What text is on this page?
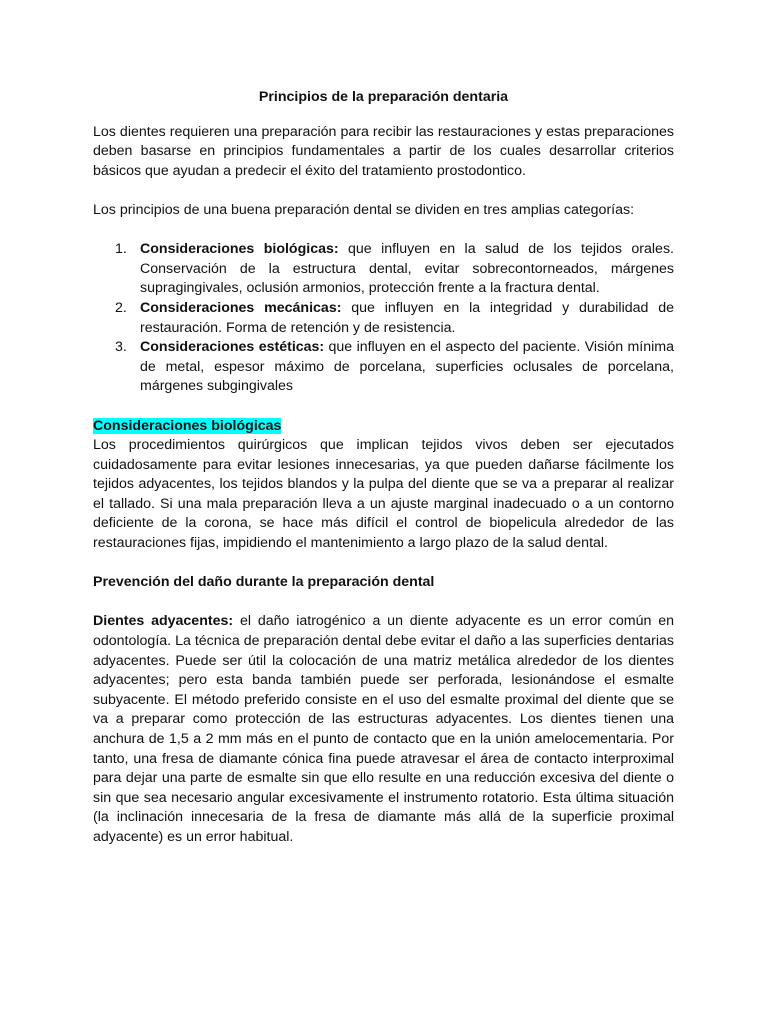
Principios de la preparación dentaria

Los dientes requieren una preparación para recibir las restauraciones y estas preparaciones deben basarse en principios fundamentales a partir de los cuales desarrollar criterios básicos que ayudan a predecir el éxito del tratamiento prostodontico.

Los principios de una buena preparación dental se dividen en tres amplias categorías:

1. Consideraciones biológicas: que influyen en la salud de los tejidos orales. Conservación de la estructura dental, evitar sobrecontorneados, márgenes supragingivales, oclusión armonios, protección frente a la fractura dental.
2. Consideraciones mecánicas: que influyen en la integridad y durabilidad de restauración. Forma de retención y de resistencia.
3. Consideraciones estéticas: que influyen en el aspecto del paciente. Visión mínima de metal, espesor máximo de porcelana, superficies oclusales de porcelana, márgenes subgingivales

Consideraciones biológicas

Los procedimientos quirúrgicos que implican tejidos vivos deben ser ejecutados cuidadosamente para evitar lesiones innecesarias, ya que pueden dañarse fácilmente los tejidos adyacentes, los tejidos blandos y la pulpa del diente que se va a preparar al realizar el tallado. Si una mala preparación lleva a un ajuste marginal inadecuado o a un contorno deficiente de la corona, se hace más difícil el control de biopelicula alrededor de las restauraciones fijas, impidiendo el mantenimiento a largo plazo de la salud dental.

Prevención del daño durante la preparación dental

Dientes adyacentes: el daño iatrogénico a un diente adyacente es un error común en odontología. La técnica de preparación dental debe evitar el daño a las superficies dentarias adyacentes. Puede ser útil la colocación de una matriz metálica alrededor de los dientes adyacentes; pero esta banda también puede ser perforada, lesionándose el esmalte subyacente. El método preferido consiste en el uso del esmalte proximal del diente que se va a preparar como protección de las estructuras adyacentes. Los dientes tienen una anchura de 1,5 a 2 mm más en el punto de contacto que en la unión amelocementaria. Por tanto, una fresa de diamante cónica fina puede atravesar el área de contacto interproximal para dejar una parte de esmalte sin que ello resulte en una reducción excesiva del diente o sin que sea necesario angular excesivamente el instrumento rotatorio. Esta última situación (la inclinación innecesaria de la fresa de diamante más allá de la superficie proximal adyacente) es un error habitual.
